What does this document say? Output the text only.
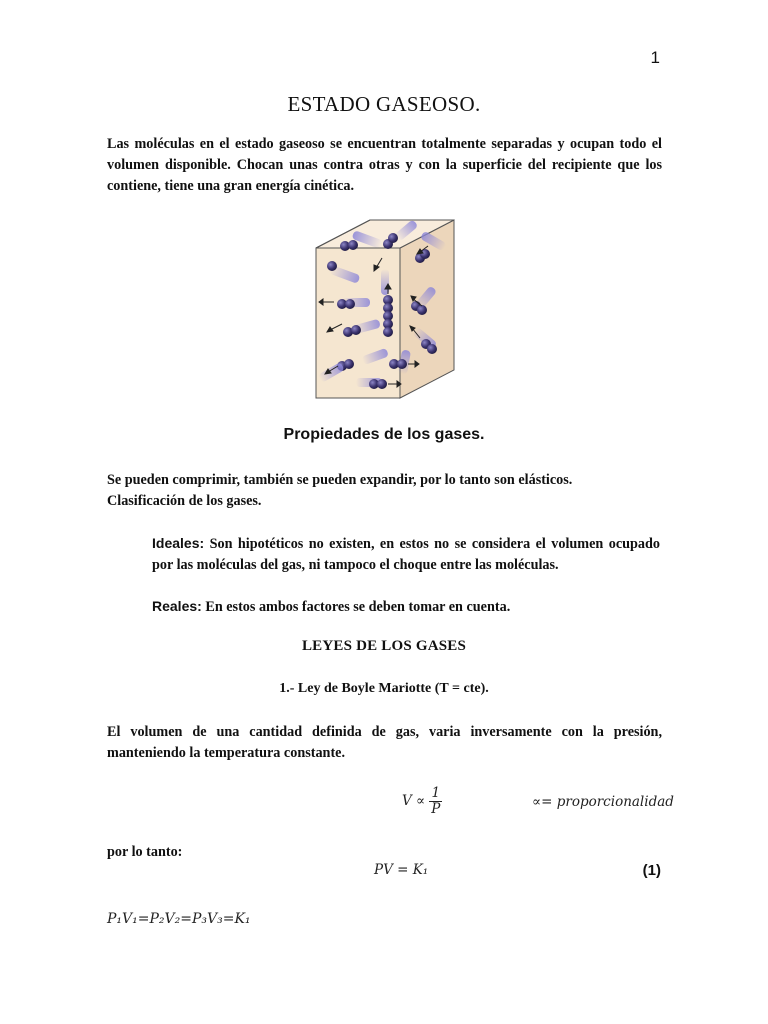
1
ESTADO GASEOSO.
Las moléculas en el estado gaseoso se encuentran totalmente separadas y ocupan todo el volumen disponible. Chocan unas contra otras y con la superficie del recipiente que los contiene, tiene una gran energía cinética.
Propiedades de los gases.
Se pueden comprimir, también se pueden expandir, por lo tanto son elásticos.
Clasificación de los gases.
Ideales: Son hipotéticos no existen, en estos no se considera el volumen ocupado por las moléculas del gas, ni tampoco el choque entre las moléculas.
Reales: En estos ambos factores se deben tomar en cuenta.
LEYES DE LOS GASES
1.- Ley de Boyle Mariotte (T = cte).
El volumen de una cantidad definida de gas, varia inversamente con la presión, manteniendo la temperatura constante.
$V \propto \frac{1}{P}$	∝= proporcionalidad
por lo tanto:
PV = K₁	(1)
P₁V₁=P₂V₂=P₃V₃=K₁
